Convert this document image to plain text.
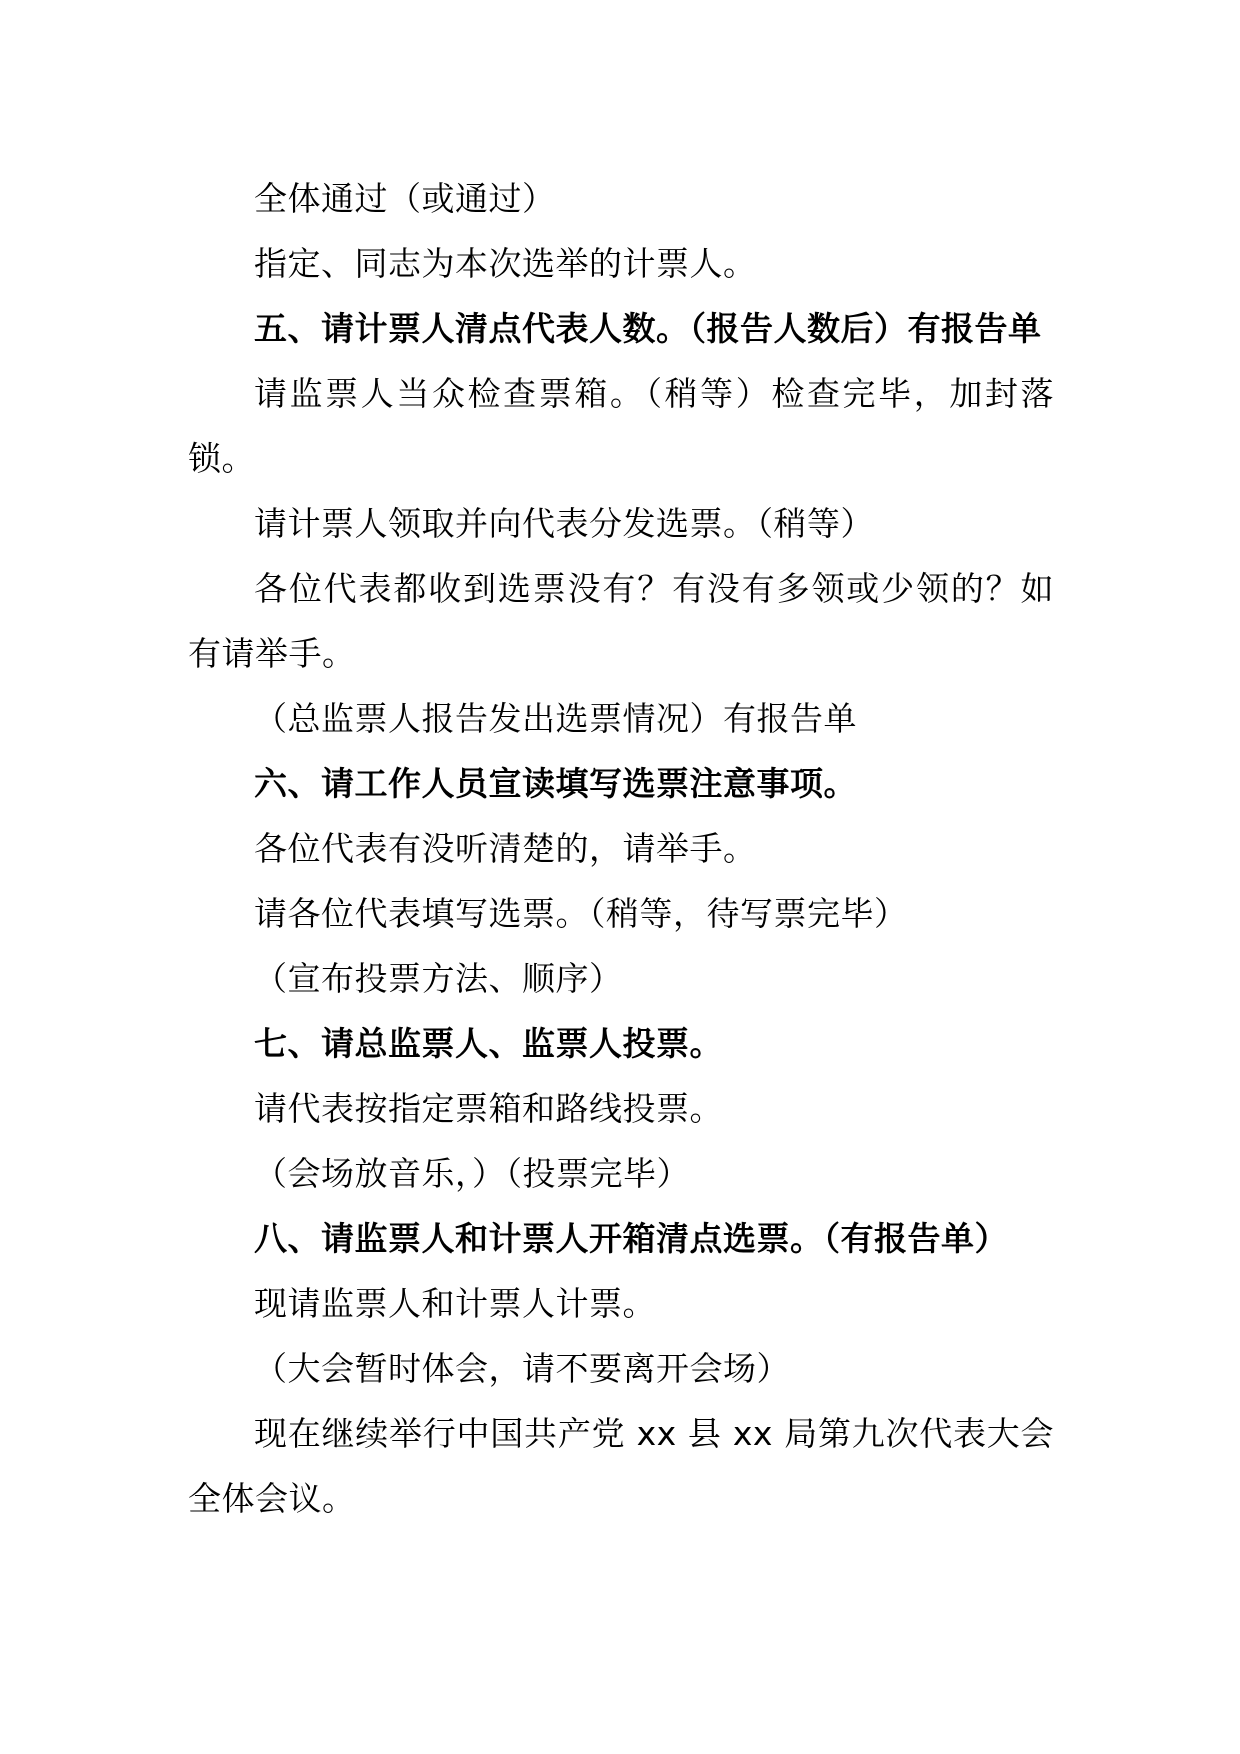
全体通过（或通过）

指定、同志为本次选举的计票人。

五、请计票人清点代表人数。（报告人数后）有报告单

请监票人当众检查票箱。（稍等）检查完毕，加封落锁。

请计票人领取并向代表分发选票。（稍等）

各位代表都收到选票没有？有没有多领或少领的？如有请举手。

（总监票人报告发出选票情况）有报告单

六、请工作人员宣读填写选票注意事项。

各位代表有没听清楚的，请举手。

请各位代表填写选票。（稍等，待写票完毕）

（宣布投票方法、顺序）

七、请总监票人、监票人投票。

请代表按指定票箱和路线投票。

（会场放音乐，）（投票完毕）

八、请监票人和计票人开箱清点选票。（有报告单）

现请监票人和计票人计票。

（大会暂时体会，请不要离开会场）

现在继续举行中国共产党 xx 县 xx 局第九次代表大会全体会议。
